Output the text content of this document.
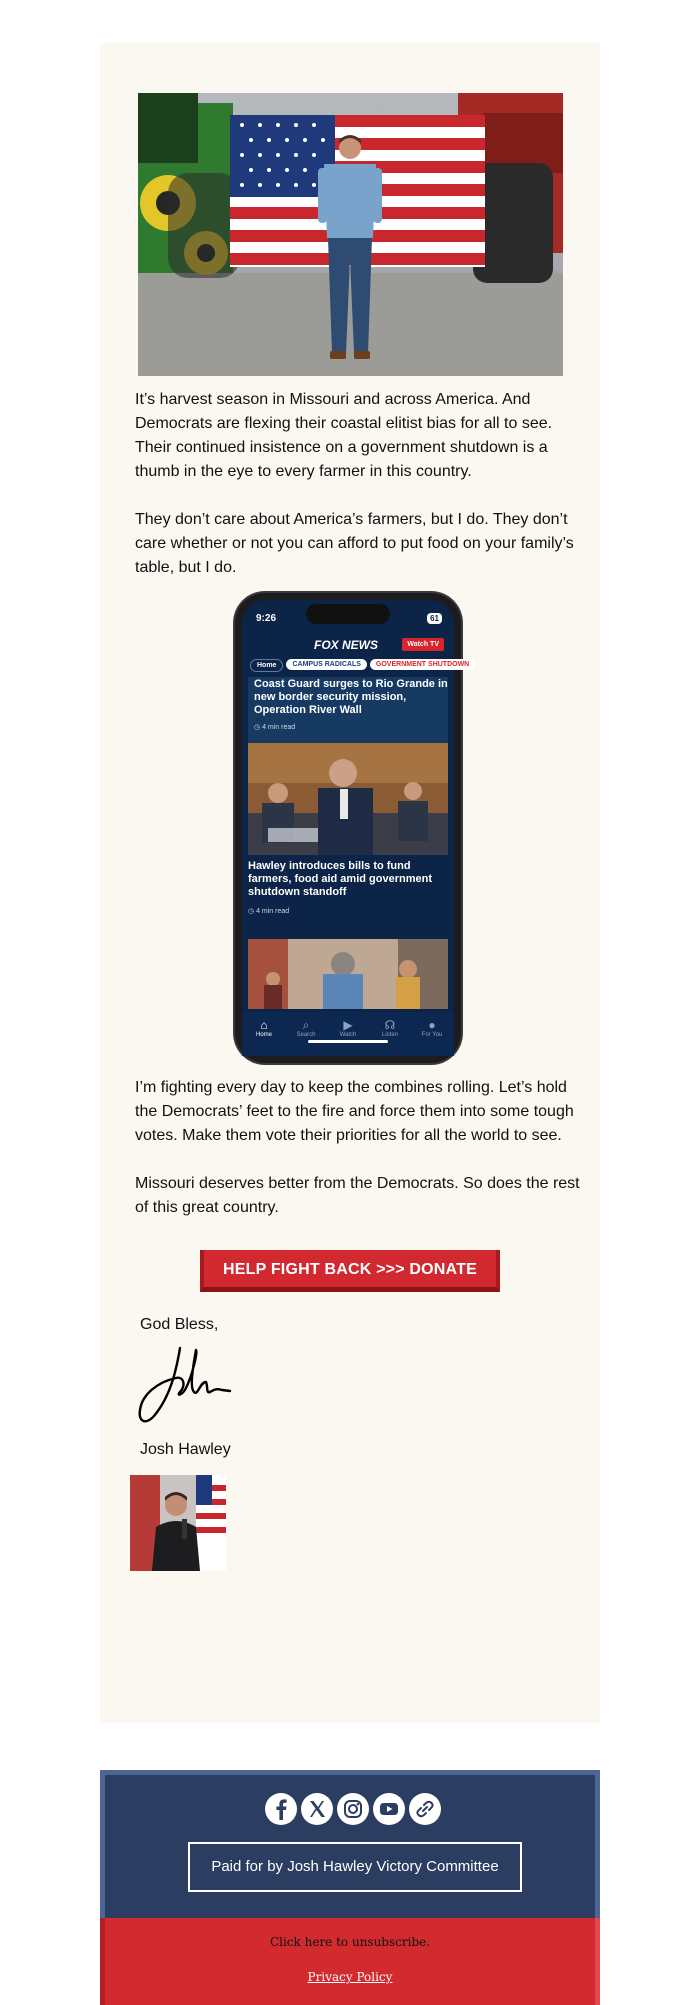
It’s harvest season in Missouri and across America. And Democrats are flexing their coastal elitist bias for all to see. Their continued insistence on a government shutdown is a thumb in the eye to every farmer in this country.

They don’t care about America’s farmers, but I do. They don’t care whether or not you can afford to put food on your family’s table, but I do.

9:26	61
FOX NEWS	Watch TV
Home CAMPUS RADICALS GOVERNMENT SHUTDOWN
Coast Guard surges to Rio Grande in new border security mission, Operation River Wall
◷ 4 min read
Hawley introduces bills to fund farmers, food aid amid government shutdown standoff
◷ 4 min read
⌂
Home
⌕
Search
▶
Watch
☊
Listen
●
For You

I’m fighting every day to keep the combines rolling. Let’s hold the Democrats’ feet to the fire and force them into some tough votes. Make them vote their priorities for all the world to see.

Missouri deserves better from the Democrats. So does the rest of this great country.

HELP FIGHT BACK >>> DONATE
God Bless,
Josh Hawley
Paid for by Josh Hawley Victory Committee
Click here to unsubscribe.
Privacy Policy
